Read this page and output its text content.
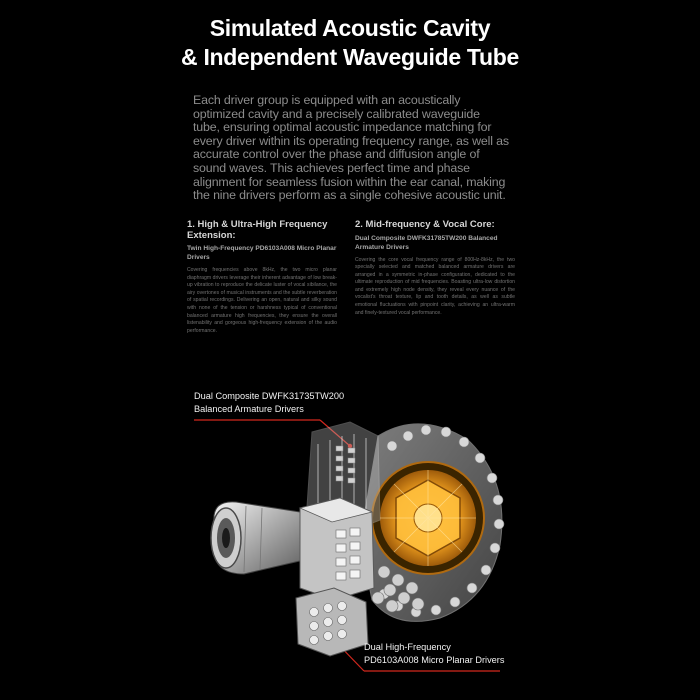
Simulated Acoustic Cavity
& Independent Waveguide Tube
Each driver group is equipped with an acoustically optimized cavity and a precisely calibrated waveguide tube, ensuring optimal acoustic impedance matching for every driver within its operating frequency range, as well as accurate control over the phase and diffusion angle of sound waves. This achieves perfect time and phase alignment for seamless fusion within the ear canal, making the nine drivers perform as a single cohesive acoustic unit.
1. High & Ultra-High Frequency Extension:
Twin High-Frequency PD6103A008 Micro Planar Drivers

Covering frequencies above 8kHz, the two micro planar diaphragm drivers leverage their inherent advantage of low break-up vibration to reproduce the delicate luster of vocal sibilance, the airy overtones of musical instruments and the subtle reverberation of spatial recordings. Delivering an open, natural and silky sound with none of the tension or harshness typical of conventional balanced armature high frequencies, they ensure the overall listenability and gorgeous high-frequency extension of the audio performance.

2. Mid-frequency & Vocal Core:
Dual Composite DWFK31785TW200 Balanced Armature Drivers

Covering the core vocal frequency range of 800Hz-8kHz, the two specially selected and matched balanced armature drivers are arranged in a symmetric in-phase configuration, dedicated to the ultimate reproduction of mid frequencies. Boasting ultra-low distortion and extremely high node density, they reveal every nuance of the vocalist's throat texture, lip and tooth details, as well as subtle emotional fluctuations with pinpoint clarity, achieving an ultra-warm and finely-textured vocal performance.

Dual Composite DWFK31735TW200
Balanced Armature Drivers
Dual High-Frequency
PD6103A008 Micro Planar Drivers
